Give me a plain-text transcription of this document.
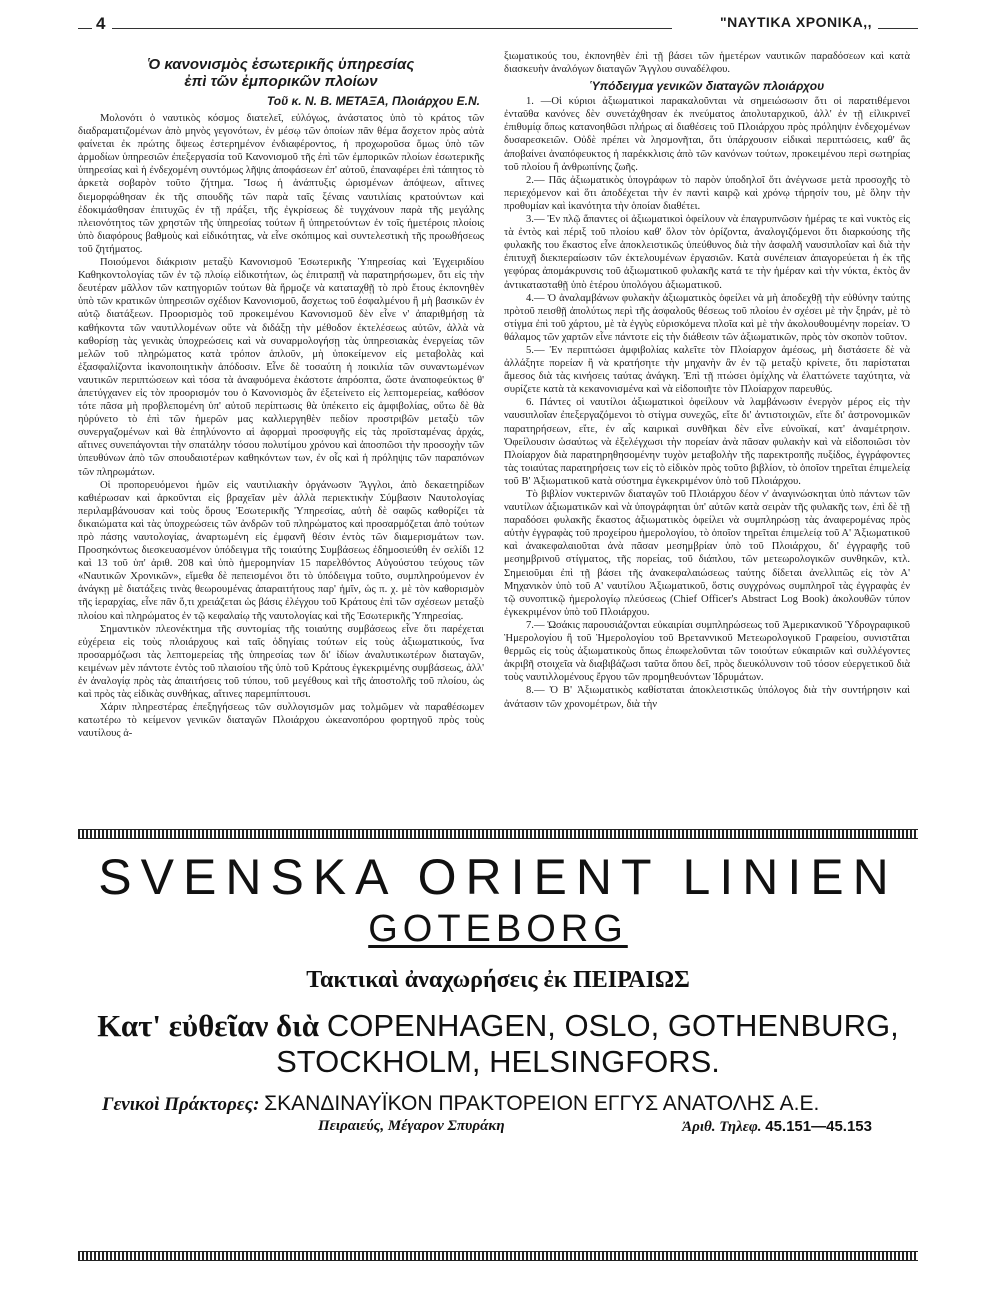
4	"ΝΑΥΤΙΚΑ ΧΡΟΝΙΚΑ,,
Ὁ κανονισμὸς ἐσωτερικῆς ὑπηρεσίας
ἐπὶ τῶν ἐμπορικῶν πλοίων
Τοῦ κ. Ν. Β. ΜΕΤΑΞΑ, Πλοιάρχου Ε.Ν.

Μολονότι ὁ ναυτικὸς κόσμος διατελεῖ, εὐλόγως, ἀνάστατος ὑπὸ τὸ κράτος τῶν διαδραματιζομένων ἀπὸ μηνὸς γεγονότων, ἐν μέσῳ τῶν ὁποίων πᾶν θέμα ἄσχετον πρὸς αὐτὰ φαίνεται ἐκ πρώτης ὄψεως ἐστερημένον ἐνδιαφέροντος, ἡ προχωροῦσα ὅμως ὑπὸ τῶν ἁρμοδίων ὑπηρεσιῶν ἐπεξεργασία τοῦ Κανονισμοῦ τῆς ἐπὶ τῶν ἐμπορικῶν πλοίων ἐσωτερικῆς ὑπηρεσίας καὶ ἡ ἐνδεχομένη συντόμως λῆψις ἀποφάσεων ἐπ' αὐτοῦ, ἐπαναφέρει ἐπὶ τάπητος τὸ ἀρκετὰ σοβαρὸν τοῦτο ζήτημα. Ἴσως ἡ ἀνάπτυξις ὡρισμένων ἀπόψεων, αἵτινες διεμορφώθησαν ἐκ τῆς σπουδῆς τῶν παρὰ ταῖς ξέναις ναυτιλίαις κρατούντων καὶ ἐδοκιμάσθησαν ἐπιτυχῶς ἐν τῇ πράξει, τῆς ἐγκρίσεως δὲ τυγχάνουν παρὰ τῆς μεγάλης πλειονότητος τῶν χρηστῶν τῆς ὑπηρεσίας τούτων ἢ ὑπηρετούντων ἐν τοῖς ἡμετέροις πλοίοις ὑπὸ διαφόρους βαθμοὺς καὶ εἰδικότητας, νὰ εἶνε σκόπιμος καὶ συντελεστικὴ τῆς προωθήσεως τοῦ ζητήματος.

Ποιούμενοι διάκρισιν μεταξὺ Κανονισμοῦ Ἐσωτερικῆς Ὑπηρεσίας καὶ Ἐγχειριδίου Καθηκοντολογίας τῶν ἐν τῷ πλοίῳ εἰδικοτήτων, ὡς ἐπιτραπῇ νὰ παρατηρήσωμεν, ὅτι εἰς τὴν δευτέραν μᾶλλον τῶν κατηγοριῶν τούτων θὰ ἥρμοζε νὰ καταταχθῇ τὸ πρὸ ἔτους ἐκπονηθὲν ὑπὸ τῶν κρατικῶν ὑπηρεσιῶν σχέδιον Κανονισμοῦ, ἄσχετως τοῦ ἐσφαλμένου ἢ μὴ βασικῶν ἐν αὐτῷ διατάξεων. Προορισμὸς τοῦ προκειμένου Κανονισμοῦ δὲν εἶνε ν' ἀπαριθμήσῃ τὰ καθήκοντα τῶν ναυτιλλομένων οὔτε νὰ διδάξῃ τὴν μέθοδον ἐκτελέσεως αὐτῶν, ἀλλὰ νὰ καθορίσῃ τὰς γενικὰς ὑποχρεώσεις καὶ νὰ συναρμολογήσῃ τὰς ὑπηρεσιακὰς ἐνεργείας τῶν μελῶν τοῦ πληρώματος κατὰ τρόπον ἁπλοῦν, μὴ ὑποκείμενον εἰς μεταβολὰς καὶ ἐξασφαλίζοντα ἱκανοποιητικὴν ἀπόδοσιν. Εἶνε δὲ τοσαύτη ἡ ποικιλία τῶν συναντωμένων ναυτικῶν περιπτώσεων καὶ τόσα τὰ ἀναφυόμενα ἑκάστοτε ἀπρόοπτα, ὥστε ἀναποφεύκτως θ' ἀπετύγχανεν εἰς τὸν προορισμόν του ὁ Κανονισμὸς ἂν ἐξετείνετο εἰς λεπτομερείας, καθόσον τότε πᾶσα μὴ προβλεπομένη ὑπ' αὐτοῦ περίπτωσις θὰ ὑπέκειτο εἰς ἀμφιβολίας, οὕτω δὲ θὰ ηὑρύνετο τὸ ἐπὶ τῶν ἡμερῶν μας καλλιεργηθὲν πεδίον προστριβῶν μεταξὺ τῶν συνεργαζομένων καὶ θὰ ἐπηλύνοντο αἱ ἀφορμαὶ προσφυγῆς εἰς τὰς προϊσταμένας ἀρχάς, αἵτινες συνεπάγονται τὴν σπατάλην τόσου πολυτίμου χρόνου καὶ ἀποσπῶσι τὴν προσοχὴν τῶν ὑπευθύνων ἀπὸ τῶν σπουδαιοτέρων καθηκόντων των, ἐν οἷς καὶ ἡ πρόληψις τῶν παραπόνων τῶν πληρωμάτων.

Οἱ προπορευόμενοι ἡμῶν εἰς ναυτιλιακὴν ὀργάνωσιν Ἄγγλοι, ἀπὸ δεκαετηρίδων καθιέρωσαν καὶ ἀρκοῦνται εἰς βραχεῖαν μὲν ἀλλὰ περιεκτικὴν Σύμβασιν Ναυτολογίας περιλαμβάνουσαν καὶ τοὺς ὅρους Ἐσωτερικῆς Ὑπηρεσίας, αὐτὴ δὲ σαφῶς καθορίζει τὰ δικαιώματα καὶ τὰς ὑποχρεώσεις τῶν ἀνδρῶν τοῦ πληρώματος καὶ προσαρμόζεται ἀπὸ τούτων πρὸ πάσης ναυτολογίας, ἀναρτωμένη εἰς ἐμφανῆ θέσιν ἐντὸς τῶν διαμερισμάτων των. Προσηκόντως διεσκευασμένον ὑπόδειγμα τῆς τοιαύτης Συμβάσεως ἐδημοσιεύθη ἐν σελίδι 12 καὶ 13 τοῦ ὑπ' ἀριθ. 208 καὶ ὑπὸ ἡμερομηνίαν 15 παρελθόντος Αὐγούστου τεύχους τῶν «Ναυτικῶν Χρονικῶν», εἴμεθα δὲ πεπεισμένοι ὅτι τὸ ὑπόδειγμα τοῦτο, συμπληρούμενον ἐν ἀνάγκῃ μὲ διατάξεις τινὰς θεωρουμένας ἀπαραιτήτους παρ' ἡμῖν, ὡς π. χ. μὲ τὸν καθορισμὸν τῆς ἱεραρχίας, εἶνε πᾶν ὅ,τι χρειάζεται ὡς βάσις ἐλέγχου τοῦ Κράτους ἐπὶ τῶν σχέσεων μεταξὺ πλοίου καὶ πληρώματος ἐν τῷ κεφαλαίῳ τῆς ναυτολογίας καὶ τῆς Ἐσωτερικῆς Ὑπηρεσίας.

Σημαντικὸν πλεονέκτημα τῆς συντομίας τῆς τοιαύτης συμβάσεως εἶνε ὅτι παρέχεται εὐχέρεια εἰς τοὺς πλοιάρχους καὶ ταῖς ὁδηγίαις τούτων εἰς τοὺς ἀξιωματικούς, ἵνα προσαρμόζωσι τὰς λεπτομερείας τῆς ὑπηρεσίας των δι' ἰδίων ἀναλυτικωτέρων διαταγῶν, κειμένων μὲν πάντοτε ἐντὸς τοῦ πλαισίου τῆς ὑπὸ τοῦ Κράτους ἐγκεκριμένης συμβάσεως, ἀλλ' ἐν ἀναλογίᾳ πρὸς τὰς ἀπαιτήσεις τοῦ τύπου, τοῦ μεγέθους καὶ τῆς ἀποστολῆς τοῦ πλοίου, ὡς καὶ πρὸς τὰς εἰδικὰς συνθήκας, αἵτινες παρεμπίπτουσι.

Χάριν πληρεστέρας ἐπεξηγήσεως τῶν συλλογισμῶν μας τολμῶμεν νὰ παραθέσωμεν κατωτέρω τὸ κείμενον γενικῶν διαταγῶν Πλοιάρχου ὠκεανοπόρου φορτηγοῦ πρὸς τοὺς ναυτίλους ἀ-

ξιωματικούς του, ἐκπονηθὲν ἐπὶ τῇ βάσει τῶν ἡμετέρων ναυτικῶν παραδόσεων καὶ κατὰ διασκευὴν ἀναλόγων διαταγῶν Ἄγγλου συναδέλφου.

Ὑπόδειγμα γενικῶν διαταγῶν πλοιάρχου

1. —Οἱ κύριοι ἀξιωματικοὶ παρακαλοῦνται νὰ σημειώσωσιν ὅτι οἱ παρατιθέμενοι ἐνταῦθα κανόνες δὲν συνετάχθησαν ἐκ πνεύματος ἀπολυταρχικοῦ, ἀλλ' ἐν τῇ εἰλικρινεῖ ἐπιθυμίᾳ ὅπως κατανοηθῶσι πλήρως αἱ διαθέσεις τοῦ Πλοιάρχου πρὸς πρόληψιν ἐνδεχομένων δυσαρεσκειῶν. Οὐδὲ πρέπει νὰ λησμονῆται, ὅτι ὑπάρχουσιν εἰδικαὶ περιπτώσεις, καθ' ἃς ἀποβαίνει ἀναπόφευκτος ἡ παρέκκλισις ἀπὸ τῶν κανόνων τούτων, προκειμένου περὶ σωτηρίας τοῦ πλοίου ἢ ἀνθρωπίνης ζωῆς.

2.— Πᾶς ἀξιωματικὸς ὑπογράφων τὸ παρὸν ὑποδηλοῖ ὅτι ἀνέγνωσε μετὰ προσοχῆς τὸ περιεχόμενον καὶ ὅτι ἀποδέχεται τὴν ἐν παντὶ καιρῷ καὶ χρόνῳ τήρησίν του, μὲ ὅλην τὴν προθυμίαν καὶ ἱκανότητα τὴν ὁποίαν διαθέτει.

3.— Ἐν πλῷ ἅπαντες οἱ ἀξιωματικοὶ ὀφείλουν νὰ ἐπαγρυπνῶσιν ἡμέρας τε καὶ νυκτὸς εἰς τὰ ἐντὸς καὶ πέριξ τοῦ πλοίου καθ' ὅλον τὸν ὁρίζοντα, ἀναλογιζόμενοι ὅτι διαρκούσης τῆς φυλακῆς του ἕκαστος εἶνε ἀποκλειστικῶς ὑπεύθυνος διὰ τὴν ἀσφαλῆ ναυσιπλοΐαν καὶ διὰ τὴν ἐπιτυχῆ διεκπεραίωσιν τῶν ἐκτελουμένων ἐργασιῶν. Κατὰ συνέπειαν ἀπαγορεύεται ἡ ἐκ τῆς γεφύρας ἀπομάκρυνσις τοῦ ἀξιωματικοῦ φυλακῆς κατά τε τὴν ἡμέραν καὶ τὴν νύκτα, ἐκτὸς ἂν ἀντικατασταθῇ ὑπὸ ἑτέρου ὑπολόγου ἀξιωματικοῦ.

4.— Ὁ ἀναλαμβάνων φυλακὴν ἀξιωματικὸς ὀφείλει νὰ μὴ ἀποδεχθῇ τὴν εὐθύνην ταύτης πρὸτοῦ πεισθῇ ἀπολύτως περὶ τῆς ἀσφαλοῦς θέσεως τοῦ πλοίου ἐν σχέσει μὲ τὴν ξηράν, μὲ τὸ στίγμα ἐπὶ τοῦ χάρτου, μὲ τὰ ἐγγὺς εὑρισκόμενα πλοῖα καὶ μὲ τὴν ἀκολουθουμένην πορείαν. Ὁ θάλαμος τῶν χαρτῶν εἶνε πάντοτε εἰς τὴν διάθεσιν τῶν ἀξιωματικῶν, πρὸς τὸν σκοπὸν τοῦτον.

5.— Ἐν περιπτώσει ἀμφιβολίας καλεῖτε τὸν Πλοίαρχον ἀμέσως, μὴ διστάσετε δὲ νὰ ἀλλάξητε πορείαν ἢ νὰ κρατήσητε τὴν μηχανὴν ἂν ἐν τῷ μεταξὺ κρίνετε, ὅτι παρίσταται ἄμεσος διὰ τὰς κινήσεις ταύτας ἀνάγκη. Ἐπὶ τῇ πτώσει ὁμίχλης νὰ ἐλαττώνετε ταχύτητα, νὰ συρίζετε κατὰ τὰ κεκανονισμένα καὶ νὰ εἰδοποιῆτε τὸν Πλοίαρχον παρευθύς.

6. Πάντες οἱ ναυτίλοι ἀξιωματικοὶ ὀφείλουν νὰ λαμβάνωσιν ἐνεργὸν μέρος εἰς τὴν ναυσιπλοΐαν ἐπεξεργαζόμενοι τὸ στίγμα συνεχῶς, εἴτε δι' ἀντιστοιχιῶν, εἴτε δι' ἀστρονομικῶν παρατηρήσεων, εἴτε, ἐν αἷς καιρικαὶ συνθῆκαι δὲν εἶνε εὐνοϊκαί, κατ' ἀναμέτρησιν. Ὀφείλουσιν ὡσαύτως νὰ ἐξελέγχωσι τὴν πορείαν ἀνὰ πᾶσαν φυλακὴν καὶ νὰ εἰδοποιῶσι τὸν Πλοίαρχον διὰ παρατηρηθησομένην τυχὸν μεταβολὴν τῆς παρεκτροπῆς πυξίδος, ἐγγράφοντες τὰς τοιαύτας παρατηρήσεις των εἰς τὸ εἰδικὸν πρὸς τοῦτο βιβλίον, τὸ ὁποῖον τηρεῖται ἐπιμελείᾳ τοῦ Β' Ἀξιωματικοῦ κατὰ σύστημα ἐγκεκριμένον ὑπὸ τοῦ Πλοιάρχου.

Τὸ βιβλίον νυκτερινῶν διαταγῶν τοῦ Πλοιάρχου δέον ν' ἀναγινώσκηται ὑπὸ πάντων τῶν ναυτίλων ἀξιωματικῶν καὶ νὰ ὑπογράφηται ὑπ' αὐτῶν κατὰ σειρὰν τῆς φυλακῆς των, ἐπὶ δὲ τῇ παραδόσει φυλακῆς ἕκαστος ἀξιωματικὸς ὀφείλει νὰ συμπληρώσῃ τὰς ἀναφερομένας πρὸς αὐτὴν ἐγγραφὰς τοῦ προχείρου ἡμερολογίου, τὸ ὁποῖον τηρεῖται ἐπιμελείᾳ τοῦ Α' Ἀξιωματικοῦ καὶ ἀνακεφαλαιοῦται ἀνὰ πᾶσαν μεσημβρίαν ὑπὸ τοῦ Πλοιάρχου, δι' ἐγγραφῆς τοῦ μεσημβρινοῦ στίγματος, τῆς πορείας, τοῦ διάπλου, τῶν μετεωρολογικῶν συνθηκῶν, κτλ. Σημειοῦμαι ἐπὶ τῇ βάσει τῆς ἀνακεφαλαιώσεως ταύτης δίδεται ἀνελλιπῶς εἰς τὸν Α' Μηχανικὸν ὑπὸ τοῦ Α' ναυτίλου Ἀξιωματικοῦ, ὅστις συγχρόνως συμπληροῖ τὰς ἐγγραφὰς ἐν τῷ συνοπτικῷ ἡμερολογίῳ πλεύσεως (Chief Officer's Abstract Log Book) ἀκολουθῶν τύπον ἐγκεκριμένον ὑπὸ τοῦ Πλοιάρχου.

7.— Ὡσάκις παρουσιάζονται εὐκαιρίαι συμπληρώσεως τοῦ Ἀμερικανικοῦ Ὑδρογραφικοῦ Ἡμερολογίου ἢ τοῦ Ἡμερολογίου τοῦ Βρεταννικοῦ Μετεωρολογικοῦ Γραφείου, συνιστᾶται θερμῶς εἰς τοὺς ἀξιωματικοὺς ὅπως ἐπωφελοῦνται τῶν τοιούτων εὐκαιριῶν καὶ συλλέγοντες ἀκριβῆ στοιχεῖα νὰ διαβιβάζωσι ταῦτα ὅπου δεῖ, πρὸς διευκόλυνσιν τοῦ τόσον εὐεργετικοῦ διὰ τοὺς ναυτιλλομένους ἔργου τῶν προμηθευόντων Ἱδρυμάτων.

8.— Ὁ Β' Ἀξιωματικὸς καθίσταται ἀποκλειστικῶς ὑπόλογος διὰ τὴν συντήρησιν καὶ ἀνάτασιν τῶν χρονομέτρων, διὰ τὴν

SVENSKA ORIENT LINIEN
GOTEBORG
Τακτικαὶ ἀναχωρήσεις ἐκ ΠΕΙΡΑΙΩΣ
Κατ' εὐθεῖαν διὰ COPENHAGEN, OSLO, GOTHENBURG,
STOCKHOLM, HELSINGFORS.
Γενικοὶ Πράκτορες: ΣΚΑΝΔΙΝΑΥΪΚΟΝ ΠΡΑΚΤΟΡΕΙΟΝ ΕΓΓΥΣ ΑΝΑΤΟΛΗΣ Α.Ε.
Πειραιεύς, Μέγαρον Σπυράκη	Ἀριθ. Τηλεφ. 45.151—45.153
